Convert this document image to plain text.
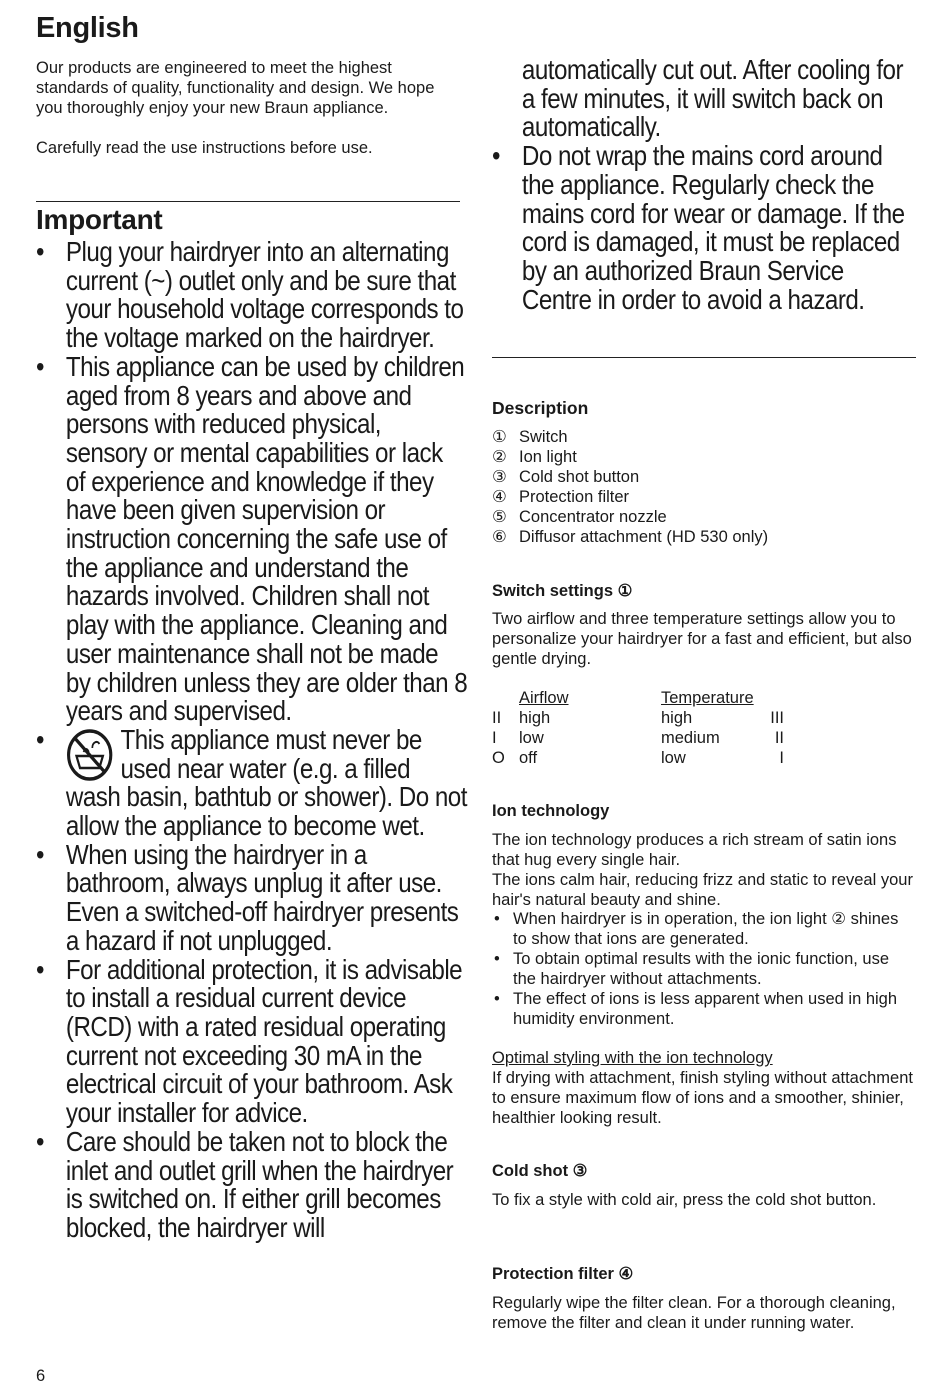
English

Our products are engineered to meet the highest standards of quality, functionality and design. We hope you thoroughly enjoy your new Braun appliance.

Carefully read the use instructions before use.

Important
• Plug your hairdryer into an alternating current (~) outlet only and be sure that your household voltage corresponds to the voltage marked on the hairdryer.
• This appliance can be used by children aged from 8 years and above and persons with reduced physical, sensory or mental capabilities or lack of experience and knowledge if they have been given supervision or instruction concerning the safe use of the appliance and understand the hazards involved. Children shall not play with the appliance. Cleaning and user maintenance shall not be made by children unless they are older than 8 years and supervised.
•	This appliance must never be used near water (e.g. a filled wash basin, bathtub or shower). Do not allow the appliance to become wet.
• When using the hairdryer in a bathroom, always unplug it after use. Even a switched-off hairdryer presents a hazard if not unplugged.
• For additional protection, it is advisable to install a residual current device (RCD) with a rated residual operating current not exceeding 30 mA in the electrical circuit of your bathroom. Ask your installer for advice.
• Care should be taken not to block the inlet and outlet grill when the hairdryer is switched on. If either grill becomes blocked, the hairdryer will
automatically cut out. After cooling for a few minutes, it will switch back on automatically.
• Do not wrap the mains cord around the appliance. Regularly check the mains cord for wear or damage. If the cord is damaged, it must be replaced by an authorized Braun Service Centre in order to avoid a hazard.
Description
① Switch
② Ion light
③ Cold shot button
④ Protection filter
⑤ Concentrator nozzle
⑥ Diffusor attachment (HD 530 only)
Switch settings ①

Two airflow and three temperature settings allow you to personalize your hairdryer for a fast and efficient, but also gentle drying.

Airflow	Temperature
II high	high	III
I low	medium	II
O off	low	I
Ion technology

The ion technology produces a rich stream of satin ions that hug every single hair.

The ions calm hair, reducing frizz and static to reveal your hair's natural beauty and shine.

• When hairdryer is in operation, the ion light ② shines to show that ions are generated.
• To obtain optimal results with the ionic function, use the hairdryer without attachments.
• The effect of ions is less apparent when used in high humidity environment.

Optimal styling with the ion technology

If drying with attachment, finish styling without attachment to ensure maximum flow of ions and a smoother, shinier, healthier looking result.

Cold shot ③

To fix a style with cold air, press the cold shot button.

Protection filter ④

Regularly wipe the filter clean. For a thorough cleaning, remove the filter and clean it under running water.

6
